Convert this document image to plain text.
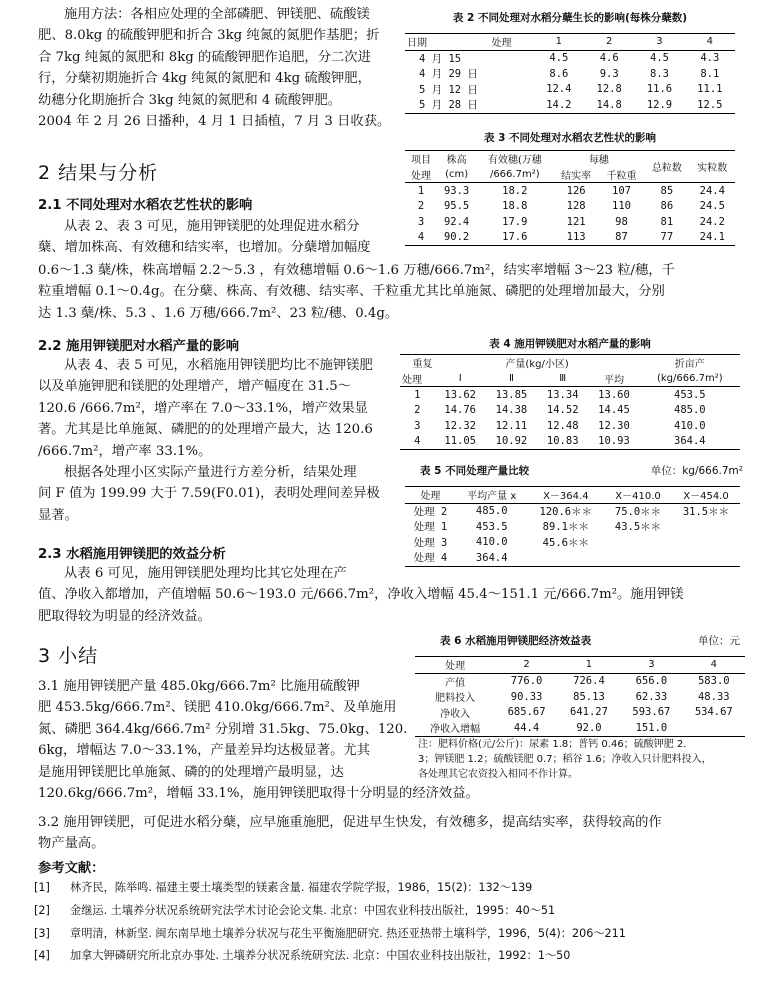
施用方法：各相应处理的全部磷肥、钾镁肥、硫酸镁
肥、8.0kg 的硫酸钾肥和折合 3kg 纯氮的氮肥作基肥；折
合 7kg 纯氮的氮肥和 8kg 的硫酸钾肥作追肥，分二次进
行，分蘖初期施折合 4kg 纯氮的氮肥和 4kg 硫酸钾肥，
幼穗分化期施折合 3kg 纯氮的氮肥和 4 硫酸钾肥。
2004 年 2 月 26 日播种，4 月 1 日插植，7 月 3 日收获。
2 结果与分析
2.1 不同处理对水稻农艺性状的影响
从表 2、表 3 可见，施用钾镁肥的处理促进水稻分
蘖、增加株高、有效穗和结实率，也增加。分蘖增加幅度
0.6～1.3 蘖/株，株高增幅 2.2～5.3 ，有效穗增幅 0.6～1.6 万穗/666.7m²，结实率增幅 3～23 粒/穗，千
粒重增幅 0.1～0.4g。在分蘖、株高、有效穗、结实率、千粒重尤其比单施氮、磷肥的处理增加最大，分别
达 1.3 蘖/株、5.3 、1.6 万穗/666.7m²、23 粒/穗、0.4g。
2.2 施用钾镁肥对水稻产量的影响
从表 4、表 5 可见，水稻施用钾镁肥均比不施钾镁肥
以及单施钾肥和镁肥的处理增产，增产幅度在 31.5～
120.6 /666.7m²，增产率在 7.0～33.1%，增产效果显
著。尤其是比单施氮、磷肥的的处理增产最大，达 120.6
/666.7m²，增产率 33.1%。
根据各处理小区实际产量进行方差分析，结果处理
间 F 值为 199.99 大于 7.59(F0.01)，表明处理间差异极
显著。
2.3 水稻施用钾镁肥的效益分析
从表 6 可见，施用钾镁肥处理均比其它处理在产
值、净收入都增加，产值增幅 50.6～193.0 元/666.7m²，净收入增幅 45.4～151.1 元/666.7m²。施用钾镁
肥取得较为明显的经济效益。
3 小结
3.1 施用钾镁肥产量 485.0kg/666.7m² 比施用硫酸钾
肥 453.5kg/666.7m²、镁肥 410.0kg/666.7m²、及单施用
氮、磷肥 364.4kg/666.7m² 分别增 31.5kg、75.0kg、120.
6kg，增幅达 7.0～33.1%，产量差异均达极显著。尤其
是施用钾镁肥比单施氮、磷的的处理增产最明显，达
120.6kg/666.7m²，增幅 33.1%，施用钾镁肥取得十分明显的经济效益。
3.2 施用钾镁肥，可促进水稻分蘖，应早施重施肥，促进早生快发，有效穗多，提高结实率，获得较高的作
物产量高。
参考文献：
[1] 林齐民，陈举鸣. 福建主要土壤类型的镁素含量. 福建农学院学报，1986，15(2)：132～139
[2] 金继运. 土壤养分状况系统研究法学术讨论会论文集. 北京：中国农业科技出版社，1995：40～51
[3] 章明清，林新坚. 闽东南旱地土壤养分状况与花生平衡施肥研究. 热还亚热带土壤科学，1996，5(4)：206～211
[4] 加拿大钾磷研究所北京办事处. 土壤养分状况系统研究法. 北京：中国农业科技出版社，1992：1～50
表 2 不同处理对水稻分蘖生长的影响(每株分蘖数)
日期	处理	1	2	3	4
4 月 15		4.5	4.6	4.5	4.3
4 月 29 日		8.6	9.3	8.3	8.1
5 月 12 日		12.4	12.8	11.6	11.1
5 月 28 日		14.2	14.8	12.9	12.5
表 3 不同处理对水稻农艺性状的影响
项目	株高	有效穗(万穗	每穗		总粒数	实粒数
处理	(cm)	/666.7m²)	结实率	千粒重		
1	93.3	18.2	126	107	85	24.4
2	95.5	18.8	128	110	86	24.5
3	92.4	17.9	121	98	81	24.2
4	90.2	17.6	113	87	77	24.1
表 4 施用钾镁肥对水稻产量的影响
重复	产量(kg/小区)				折亩产
处理	Ⅰ	Ⅱ	Ⅲ	平均	(kg/666.7m²)
1	13.62	13.85	13.34	13.60	453.5
2	14.76	14.38	14.52	14.45	485.0
3	12.32	12.11	12.48	12.30	410.0
4	11.05	10.92	10.83	10.93	364.4
表 5 不同处理产量比较	单位：kg/666.7m²
处理	平均产量 x	X－364.4	X－410.0	X－454.0
处理 2	485.0	120.6＊＊	75.0＊＊	31.5＊＊
处理 1	453.5	89.1＊＊	43.5＊＊	
处理 3	410.0	45.6＊＊		
处理 4	364.4			
表 6 水稻施用钾镁肥经济效益表	单位：元
处理	2	1	3	4
产值	776.0	726.4	656.0	583.0
肥料投入	90.33	85.13	62.33	48.33
净收入	685.67	641.27	593.67	534.67
净收入增幅	44.4	92.0	151.0	
注：肥料价格(元/公斤)：尿素 1.8；普钙 0.46；硫酸钾肥 2.
3；钾镁肥 1.2；硫酸镁肥 0.7；稻谷 1.6；净收入只计肥料投入，
各处理其它农资投入相同不作计算。
